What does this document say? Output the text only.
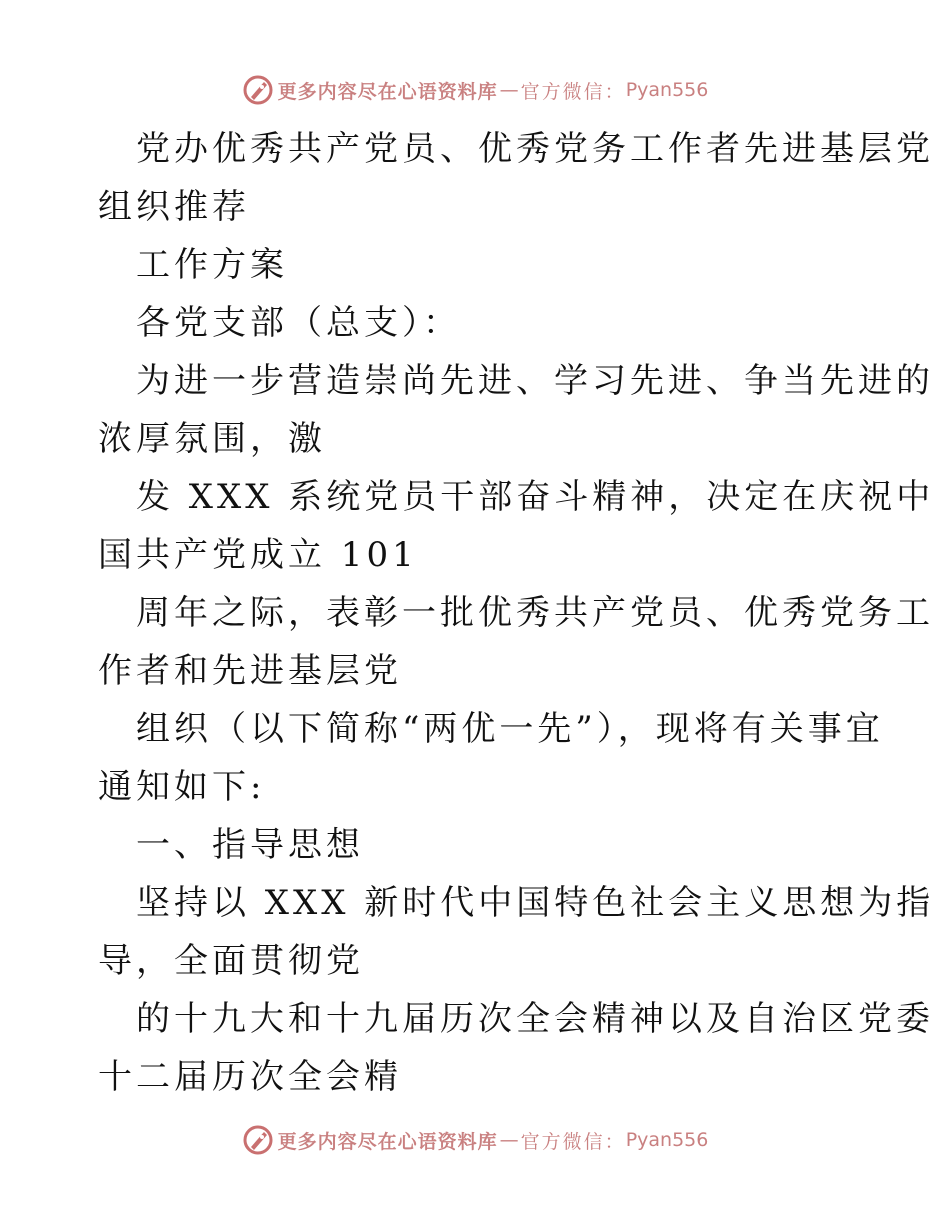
更多内容尽在心语资料库 — 官方微信： Pyan556
党办优秀共产党员、优秀党务工作者先进基层党
组织推荐
工作方案
各党支部（总支）：
为进一步营造崇尚先进、学习先进、争当先进的
浓厚氛围，激
发 XXX 系统党员干部奋斗精神，决定在庆祝中
国共产党成立 101
周年之际，表彰一批优秀共产党员、优秀党务工
作者和先进基层党
组织（以下简称“两优一先”），现将有关事宜
通知如下:
一、指导思想
坚持以 XXX 新时代中国特色社会主义思想为指
导，全面贯彻党
的十九大和十九届历次全会精神以及自治区党委
十二届历次全会精
更多内容尽在心语资料库 — 官方微信： Pyan556
